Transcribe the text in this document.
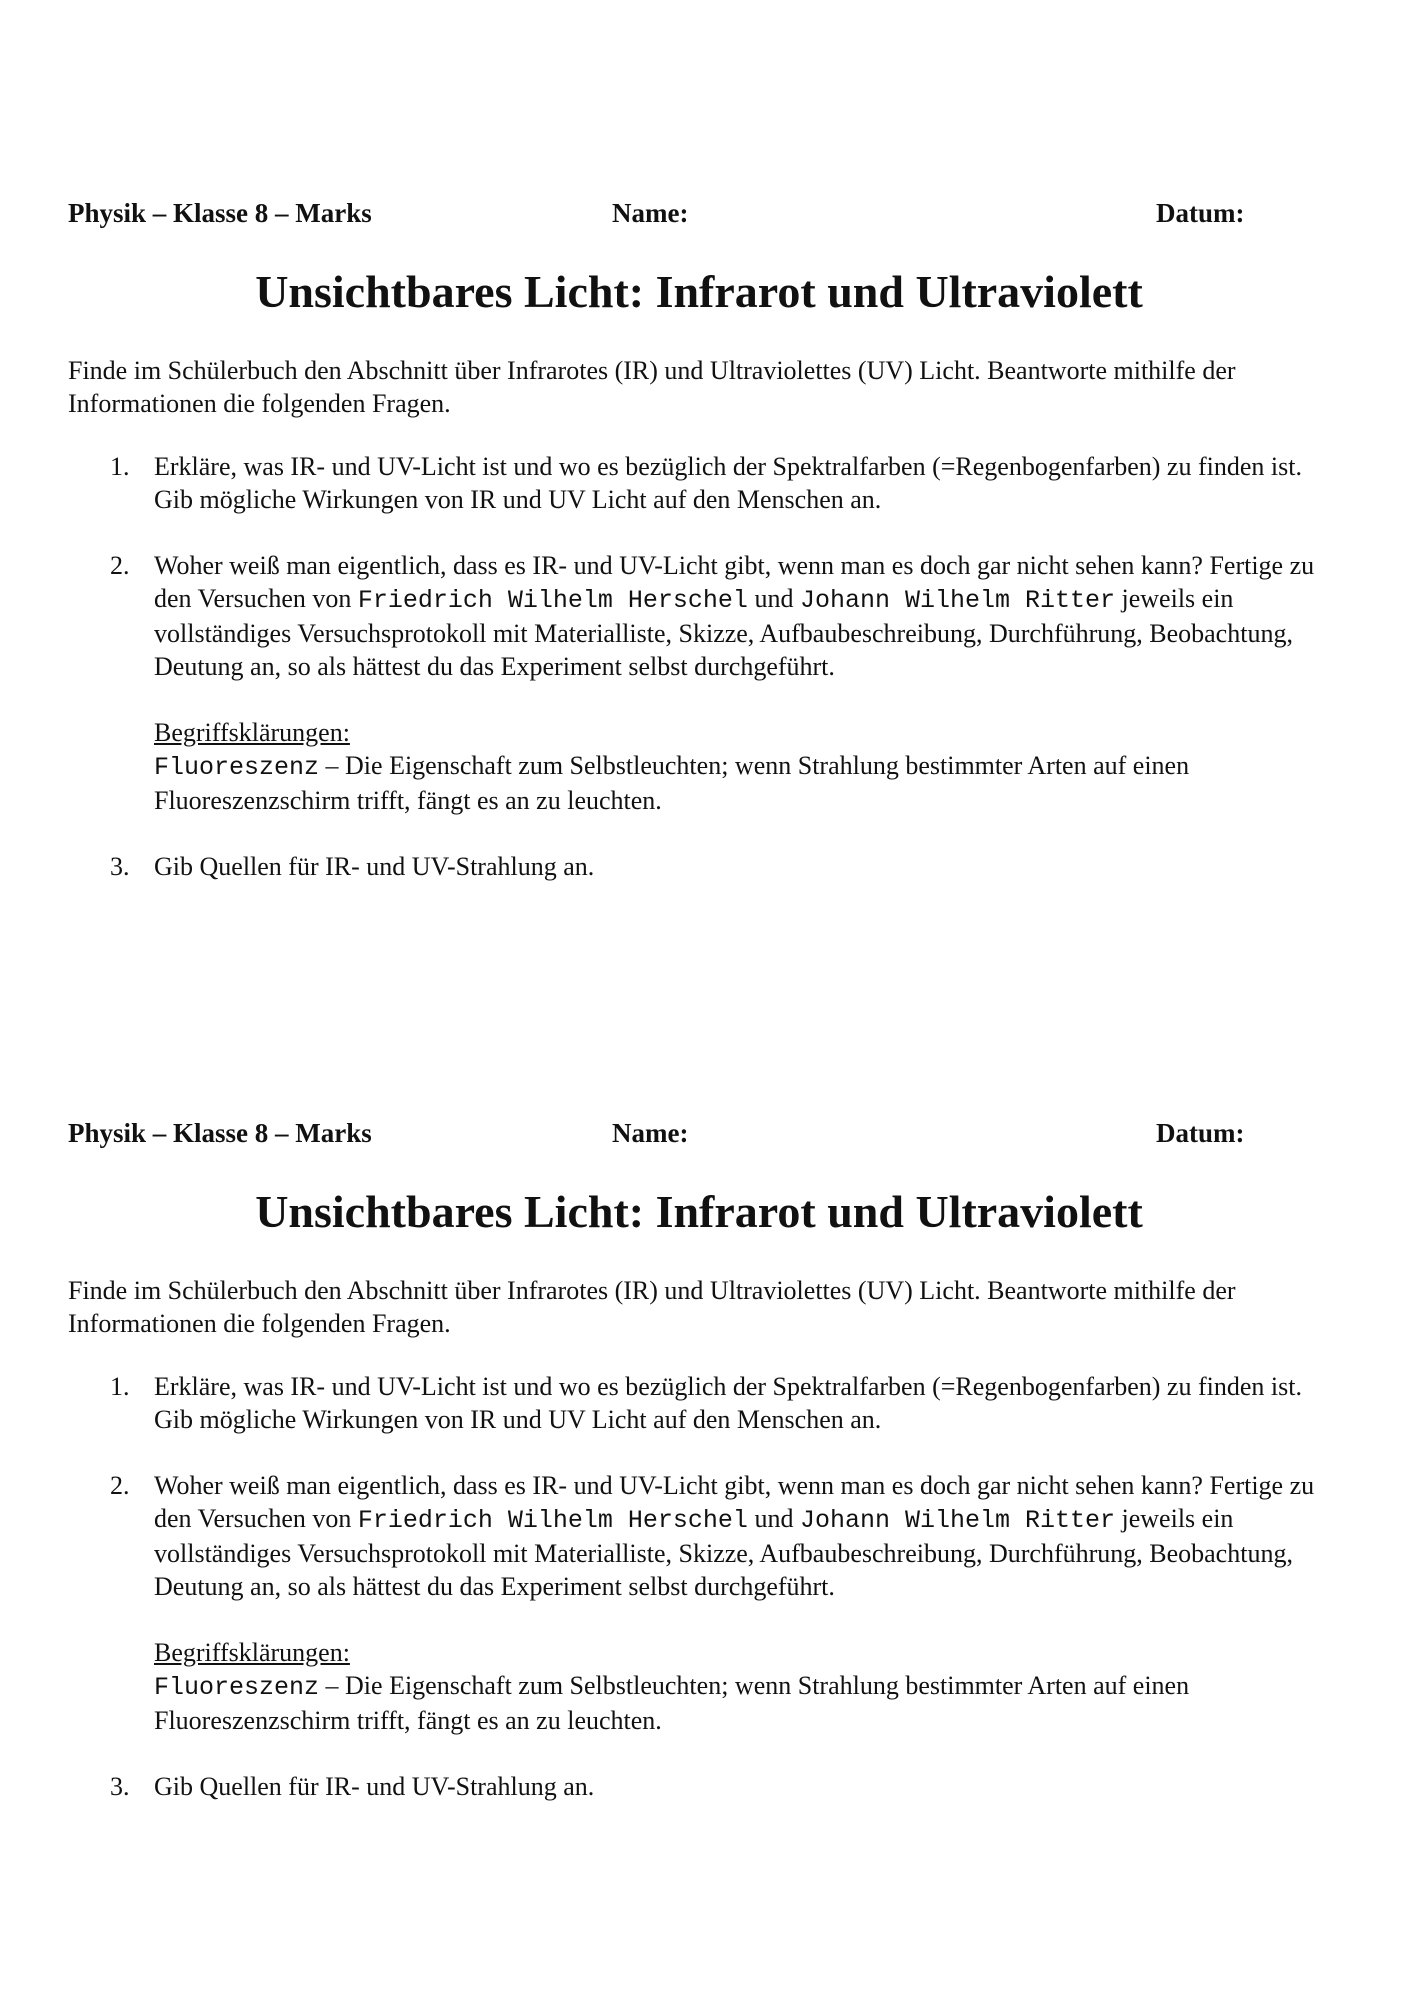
Physik – Klasse 8 – Marks	Name:	Datum:
Unsichtbares Licht: Infrarot und Ultraviolett

Finde im Schülerbuch den Abschnitt über Infrarotes (IR) und Ultraviolettes (UV) Licht. Beantworte mithilfe der Informationen die folgenden Fragen.

1. Erkläre, was IR- und UV-Licht ist und wo es bezüglich der Spektralfarben (=Regenbogenfarben) zu finden ist. Gib mögliche Wirkungen von IR und UV Licht auf den Menschen an.
2. Woher weiß man eigentlich, dass es IR- und UV-Licht gibt, wenn man es doch gar nicht sehen kann? Fertige zu den Versuchen von Friedrich Wilhelm Herschel und Johann Wilhelm Ritter jeweils ein vollständiges Versuchsprotokoll mit Materialliste, Skizze, Aufbaubeschreibung, Durchführung, Beobachtung, Deutung an, so als hättest du das Experiment selbst durchgeführt.
Begriffsklärungen:
Fluoreszenz – Die Eigenschaft zum Selbstleuchten; wenn Strahlung bestimmter Arten auf einen Fluoreszenzschirm trifft, fängt es an zu leuchten.
3. Gib Quellen für IR- und UV-Strahlung an.
Physik – Klasse 8 – Marks	Name:	Datum:
Unsichtbares Licht: Infrarot und Ultraviolett

Finde im Schülerbuch den Abschnitt über Infrarotes (IR) und Ultraviolettes (UV) Licht. Beantworte mithilfe der Informationen die folgenden Fragen.

1. Erkläre, was IR- und UV-Licht ist und wo es bezüglich der Spektralfarben (=Regenbogenfarben) zu finden ist. Gib mögliche Wirkungen von IR und UV Licht auf den Menschen an.
2. Woher weiß man eigentlich, dass es IR- und UV-Licht gibt, wenn man es doch gar nicht sehen kann? Fertige zu den Versuchen von Friedrich Wilhelm Herschel und Johann Wilhelm Ritter jeweils ein vollständiges Versuchsprotokoll mit Materialliste, Skizze, Aufbaubeschreibung, Durchführung, Beobachtung, Deutung an, so als hättest du das Experiment selbst durchgeführt.
Begriffsklärungen:
Fluoreszenz – Die Eigenschaft zum Selbstleuchten; wenn Strahlung bestimmter Arten auf einen Fluoreszenzschirm trifft, fängt es an zu leuchten.
3. Gib Quellen für IR- und UV-Strahlung an.
